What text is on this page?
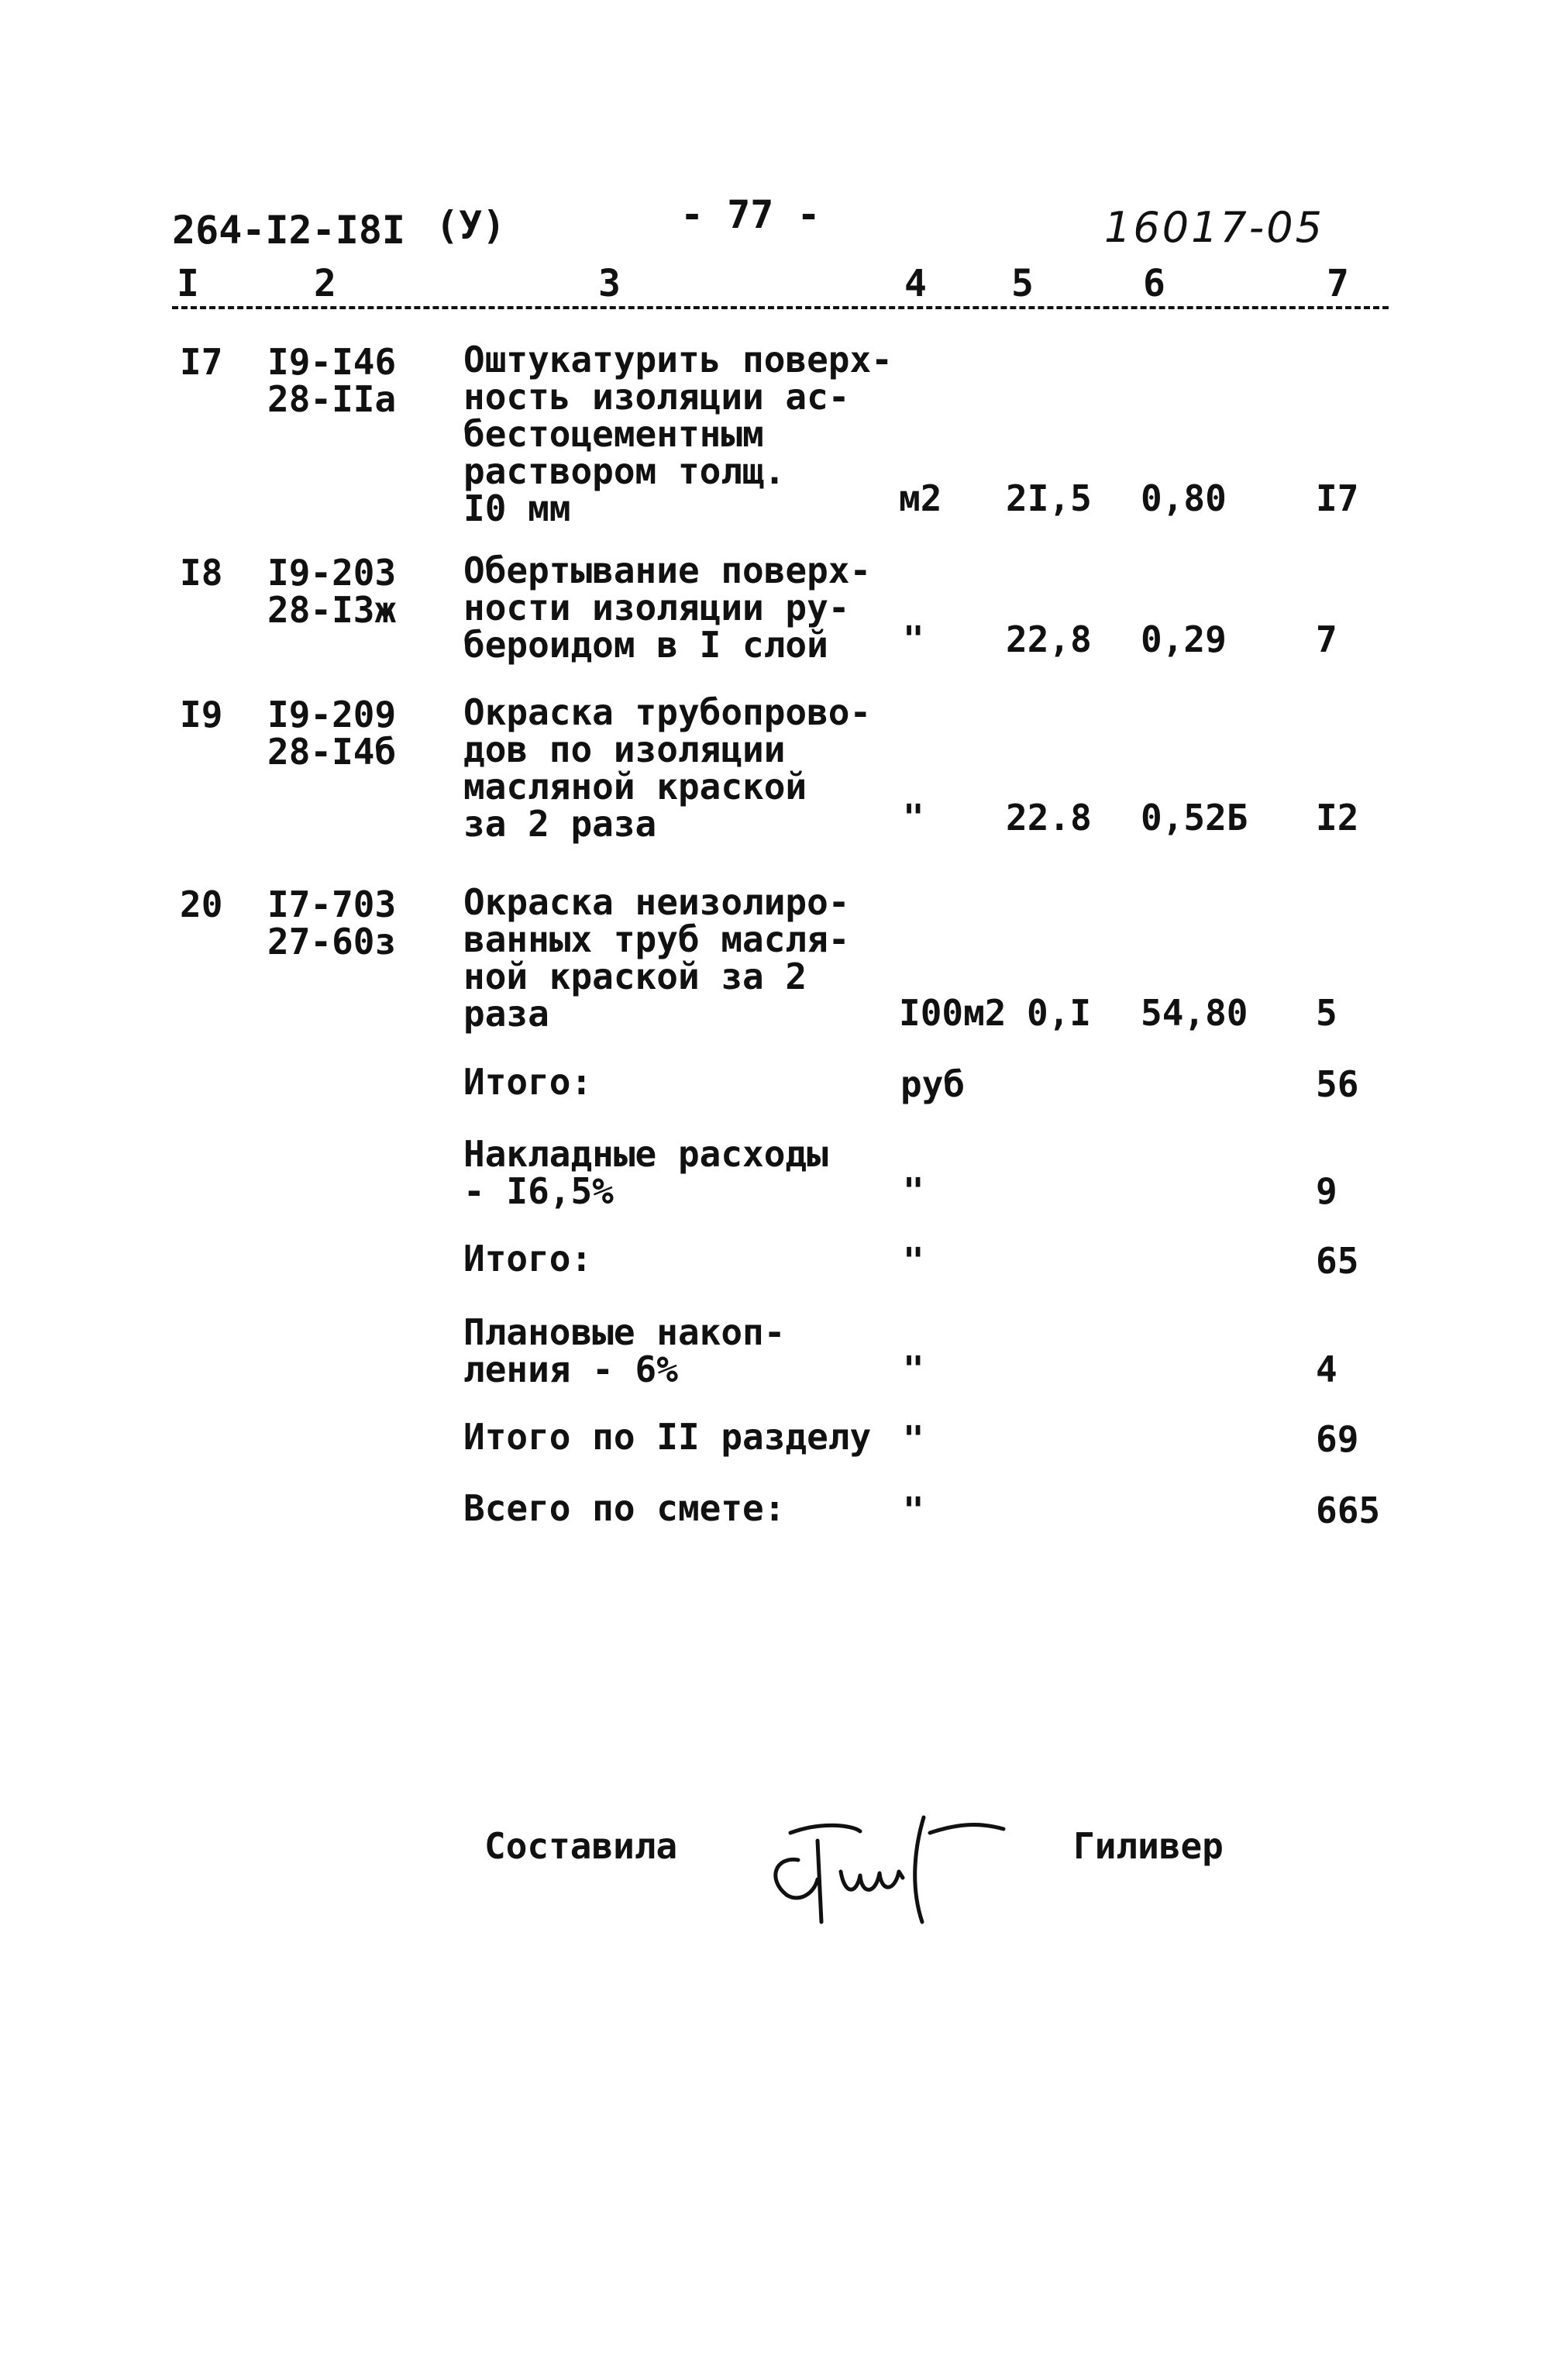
264-I2-I8I (У)	- 77 -	16017-05
I	2	3	4 5	6	7
I7 I9-I46
28-IIа
Оштукатурить поверх-
ность изоляции ас-
бестоцементным
раствором толщ.
I0 мм	м2 2I,5 0,80	I7
I8 I9-203
28-I3ж
Обертывание поверх-
ности изоляции ру-
бероидом в I слой	" 22,8 0,29	7
I9 I9-209
28-I4б
Окраска трубопрово-
дов по изоляции
масляной краской
за 2 раза	" 22.8 0,52Б I2
20 I7-703
27-60з
Окраска неизолиро-
ванных труб масля-
ной краской за 2
раза	I00м2 0,I 54,80 5
Итого:	руб	56
Накладные расходы
- I6,5%	"	9
Итого:	"	65
Плановые накоп-
ления - 6%	"	4
Итого по II разделу "	69
Всего по смете:	"	665
Составила	Гиливер
